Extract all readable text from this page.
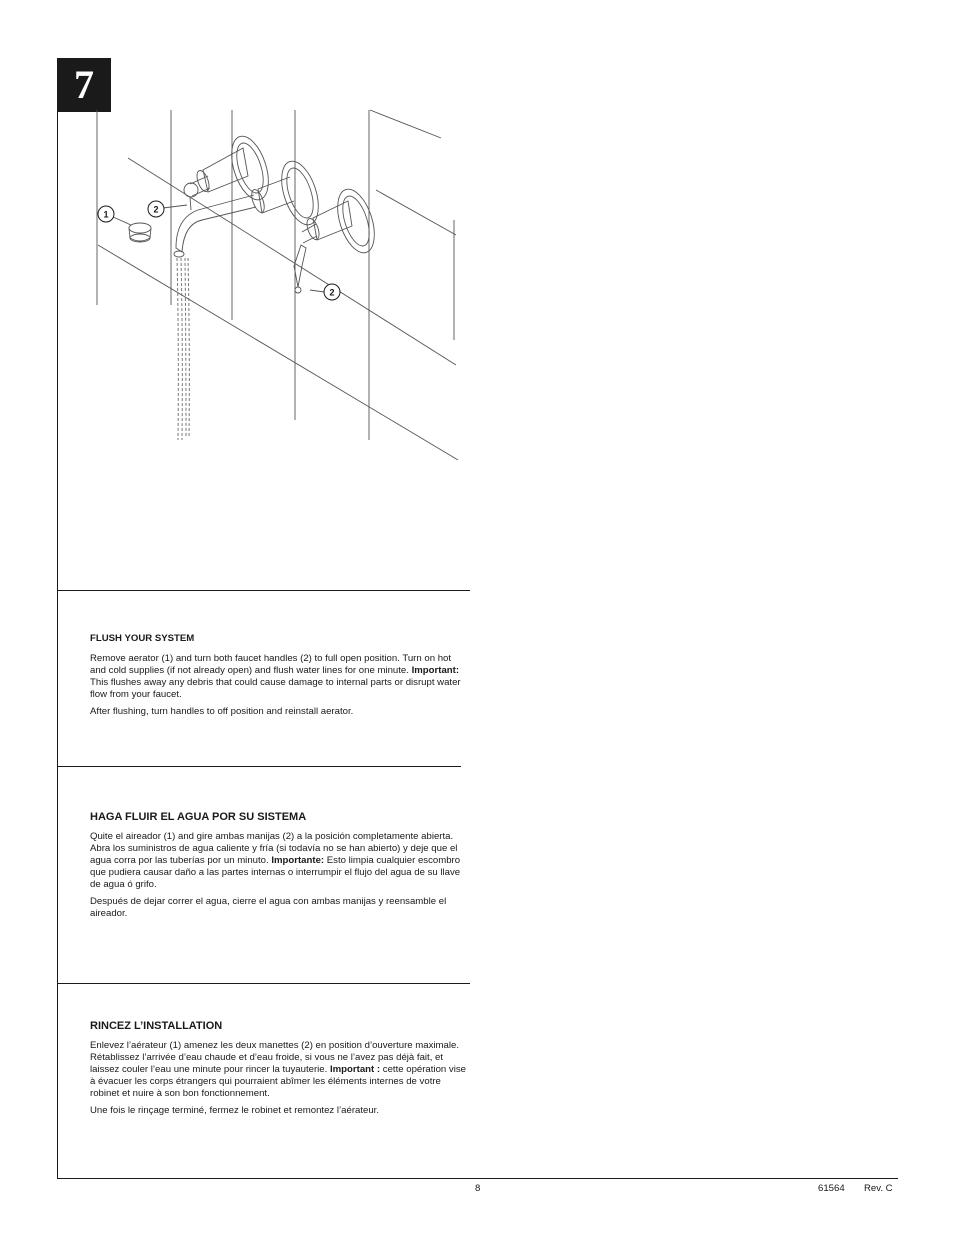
7
1	2
2
FLUSH YOUR SYSTEM

Remove aerator (1) and turn both faucet handles (2) to full open position. Turn on hot and cold supplies (if not already open) and flush water lines for one minute. Important: This flushes away any debris that could cause damage to internal parts or disrupt water flow from your faucet.

After flushing, turn handles to off position and reinstall aerator.

HAGA FLUIR EL AGUA POR SU SISTEMA

Quite el aireador (1) and gire ambas manijas (2) a la posición completamente abierta. Abra los suministros de agua caliente y fría (si todavía no se han abierto) y deje que el agua corra por las tuberías por un minuto. Importante: Esto limpia cualquier escombro que pudiera causar daño a las partes internas o interrumpir el flujo del agua de su llave de agua ó grifo.

Después de dejar correr el agua, cierre el agua con ambas manijas y reensamble el aireador.

RINCEZ L’INSTALLATION

Enlevez l’aérateur (1) amenez les deux manettes (2) en position d’ouverture maximale. Rétablissez l’arrivée d’eau chaude et d’eau froide, si vous ne l’avez pas déjà fait, et laissez couler l’eau une minute pour rincer la tuyauterie. Important : cette opération vise à évacuer les corps étrangers qui pourraient abîmer les éléments internes de votre robinet et nuire à son bon fonctionnement.

Une fois le rinçage terminé, fermez le robinet et remontez l’aérateur.

8	61564 Rev. C
